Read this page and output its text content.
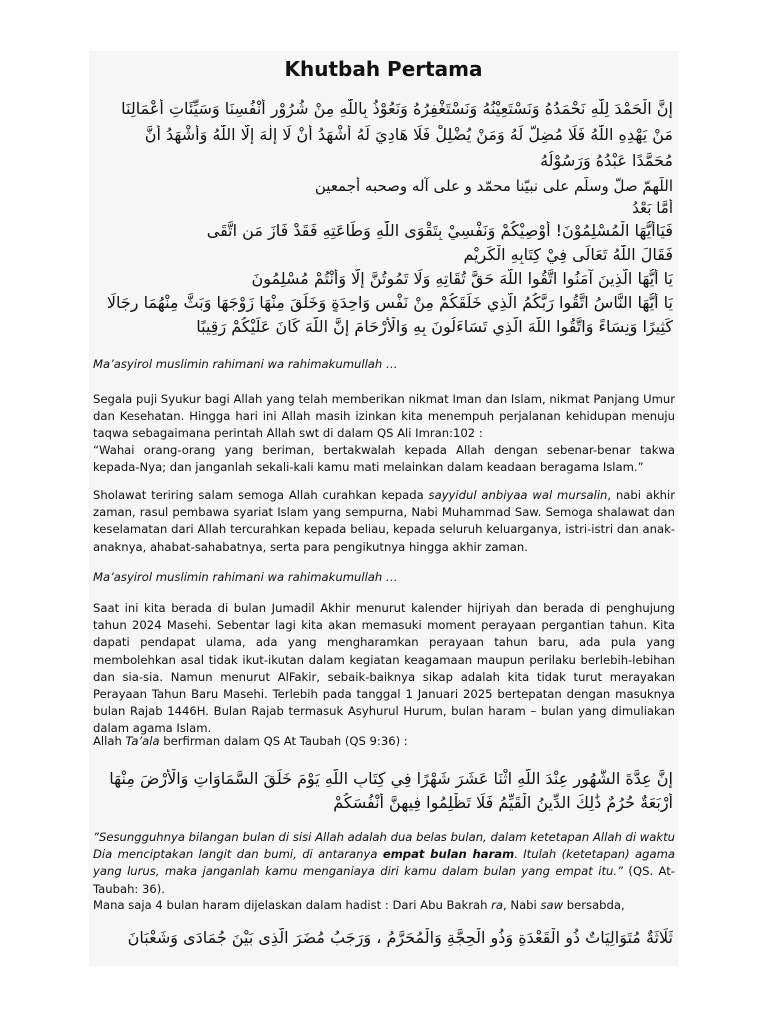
Khutbah Pertama
إِنَّ الْحَمْدَ لِلّٰهِ نَحْمَدُهُ وَنَسْتَعِيْنُهُ وَنَسْتَغْفِرُهُ وَنَعُوْذُ بِاللّٰهِ مِنْ شُرُوْرِ أَنْفُسِنَا وَسَيِّئَاتِ أَعْمَالِنَا
مَنْ يَهْدِهِ اللّٰهُ فَلَا مُضِلَّ لَهُ وَمَنْ يُضْلِلْ فَلَا هَادِيَ لَهُ أَشْهَدُ أَنْ لَا إِلٰهَ إِلَّا اللّٰهُ وَأَشْهَدُ أَنَّ
مُحَمَّدًا عَبْدُهُ وَرَسُوْلُهُ
اللّهمّ صلّ وسلّم على نبيّنا محمّد و على آله وصحبه أجمعين
أَمَّا بَعْدُ
فَيَاأَيُّهَا الْمُسْلِمُوْنَ! أُوْصِيْكُمْ وَنَفْسِيْ بِتَقْوَى اللّٰهِ وَطَاعَتِهِ فَقَدْ فَازَ مَنِ اتَّقَى
فَقَالَ اللّٰهُ تَعَالَى فِيْ كِتَابِهِ الْكَرِيْمِ
يَا أَيُّهَا الَّذِينَ آمَنُوا اتَّقُوا اللَّهَ حَقَّ تُقَاتِهِ وَلَا تَمُوتُنَّ إِلَّا وَأَنْتُمْ مُسْلِمُونَ
يَا أَيُّهَا النَّاسُ اتَّقُوا رَبَّكُمُ الَّذِي خَلَقَكُمْ مِنْ نَفْسٍ وَاحِدَةٍ وَخَلَقَ مِنْهَا زَوْجَهَا وَبَثَّ مِنْهُمَا رِجَالًا
كَثِيرًا وَنِسَاءً وَاتَّقُوا اللَّهَ الَّذِي تَسَاءَلُونَ بِهِ وَالْأَرْحَامَ إِنَّ اللَّهَ كَانَ عَلَيْكُمْ رَقِيبًا
Ma’asyirol muslimin rahimani wa rahimakumullah …
Segala puji Syukur bagi Allah yang telah memberikan nikmat Iman dan Islam, nikmat Panjang Umur dan Kesehatan. Hingga hari ini Allah masih izinkan kita menempuh perjalanan kehidupan menuju taqwa sebagaimana perintah Allah swt di dalam QS Ali Imran:102 :
“Wahai orang-orang yang beriman, bertakwalah kepada Allah dengan sebenar-benar takwa kepada-Nya; dan janganlah sekali-kali kamu mati melainkan dalam keadaan beragama Islam.”
Sholawat teriring salam semoga Allah curahkan kepada sayyidul anbiyaa wal mursalin, nabi akhir zaman, rasul pembawa syariat Islam yang sempurna, Nabi Muhammad Saw. Semoga shalawat dan keselamatan dari Allah tercurahkan kepada beliau, kepada seluruh keluarganya, istri-istri dan anak-anaknya, ahabat-sahabatnya, serta para pengikutnya hingga akhir zaman.
Ma’asyirol muslimin rahimani wa rahimakumullah …
Saat ini kita berada di bulan Jumadil Akhir menurut kalender hijriyah dan berada di penghujung tahun 2024 Masehi. Sebentar lagi kita akan memasuki moment perayaan pergantian tahun. Kita dapati pendapat ulama, ada yang mengharamkan perayaan tahun baru, ada pula yang membolehkan asal tidak ikut-ikutan dalam kegiatan keagamaan maupun perilaku berlebih-lebihan dan sia-sia. Namun menurut AlFakir, sebaik-baiknya sikap adalah kita tidak turut merayakan Perayaan Tahun Baru Masehi. Terlebih pada tanggal 1 Januari 2025 bertepatan dengan masuknya bulan Rajab 1446H. Bulan Rajab termasuk Asyhurul Hurum, bulan haram – bulan yang dimuliakan dalam agama Islam.
Allah Ta’ala berfirman dalam QS At Taubah (QS 9:36) :
إِنَّ عِدَّةَ الشُّهُورِ عِنْدَ اللَّهِ اثْنَا عَشَرَ شَهْرًا فِي كِتَابِ اللَّهِ يَوْمَ خَلَقَ السَّمَاوَاتِ وَالْأَرْضَ مِنْهَا
أَرْبَعَةٌ حُرُمٌ ذَٰلِكَ الدِّينُ الْقَيِّمُ فَلَا تَظْلِمُوا فِيهِنَّ أَنْفُسَكُمْ
”Sesungguhnya bilangan bulan di sisi Allah adalah dua belas bulan, dalam ketetapan Allah di waktu Dia menciptakan langit dan bumi, di antaranya empat bulan haram. Itulah (ketetapan) agama yang lurus, maka janganlah kamu menganiaya diri kamu dalam bulan yang empat itu.” (QS. At-Taubah: 36).
Mana saja 4 bulan haram dijelaskan dalam hadist : Dari Abu Bakrah ra, Nabi saw bersabda,
ثَلَاثَةٌ مُتَوَالِيَاتٌ ذُو الْقَعْدَةِ وَذُو الْحِجَّةِ وَالْمُحَرَّمُ ، وَرَجَبُ مُضَرَ الَّذِى بَيْنَ جُمَادَى وَشَعْبَانَ
